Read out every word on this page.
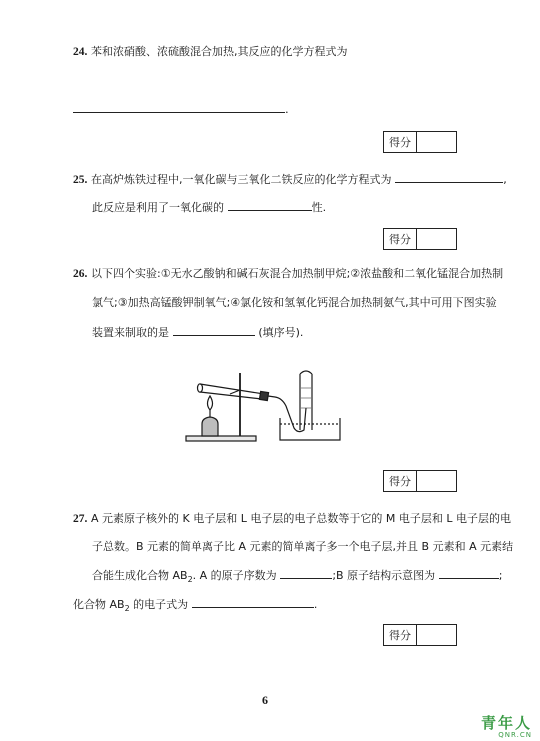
24. 苯和浓硝酸、浓硫酸混合加热,其反应的化学方程式为
.
得分
25. 在高炉炼铁过程中,一氧化碳与三氧化二铁反应的化学方程式为	,
此反应是利用了一氧化碳的	性.
得分
26. 以下四个实验:①无水乙酸钠和碱石灰混合加热制甲烷;②浓盐酸和二氧化锰混合加热制
氯气;③加热高锰酸钾制氧气;④氯化铵和氢氧化钙混合加热制氨气,其中可用下图实验
装置来制取的是	(填序号).
得分
27. A 元素原子核外的 K 电子层和 L 电子层的电子总数等于它的 M 电子层和 L 电子层的电
子总数。B 元素的简单离子比 A 元素的简单离子多一个电子层,并且 B 元素和 A 元素结
合能生成化合物 $AB_2$. A 的原子序数为	;B 原子结构示意图为	;
化合物 $AB_2$ 的电子式为	.
得分
6
青年人
QNR.CN
